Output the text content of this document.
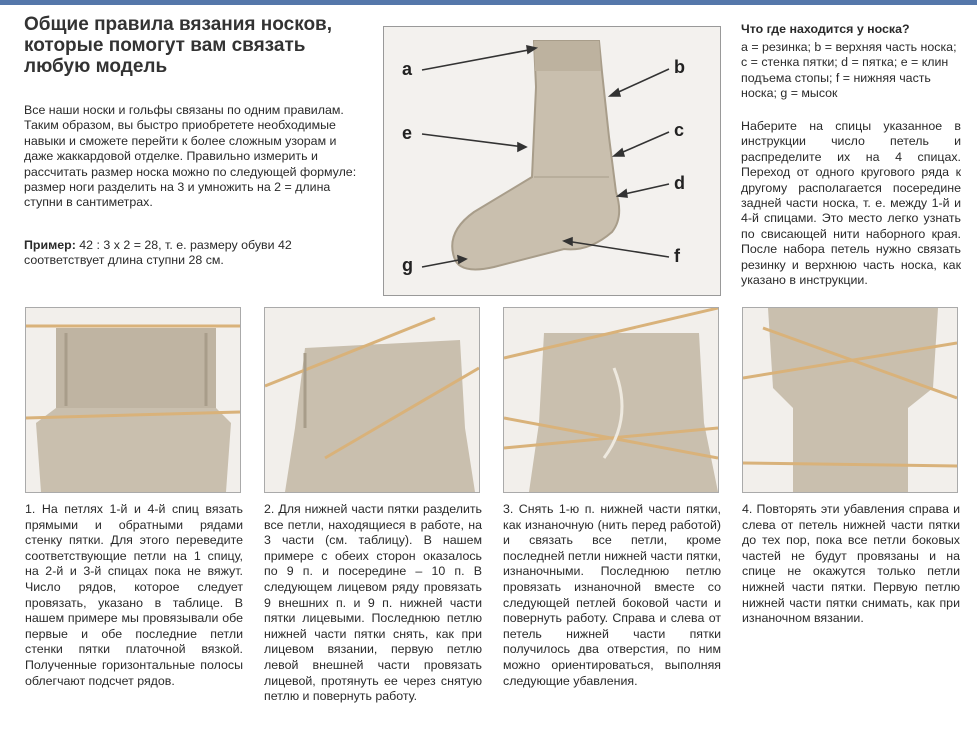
Общие правила вязания носков, которые помогут вам связать любую модель
Все наши носки и гольфы связаны по одним правилам. Таким образом, вы быстро приобретете необходимые навыки и сможете перейти к более сложным узорам и даже жаккардовой отделке. Правильно измерить и рассчитать размер носка можно по следующей формуле: размер ноги разделить на 3 и умножить на 2 = длина ступни в сантиметрах.
Пример: 42 : 3 х 2 = 28, т. е. размеру обуви 42 соответствует длина ступни 28 см.
a	b
e	c
d
g	f
Что где находится у носка?
a = резинка; b = верхняя часть носка; c = стенка пятки; d = пятка; e = клин подъема стопы; f = нижняя часть носка; g = мысок
Наберите на спицы указанное в инструкции число петель и распределите их на 4 спицах. Переход от одного кругового ряда к другому располагается посередине задней части носка, т. е. между 1-й и 4-й спицами. Это место легко узнать по свисающей нити наборного края. После набора петель нужно связать резинку и верхнюю часть носка, как указано в инструкции.
1. На петлях 1-й и 4-й спиц вязать прямыми и обратными рядами стенку пятки. Для этого переведите соответствующие петли на 1 спицу, на 2-й и 3-й спицах пока не вяжут. Число рядов, которое следует провязать, указано в таблице. В нашем примере мы провязывали обе первые и обе последние петли стенки пятки платочной вязкой. Полученные горизонтальные полосы облегчают подсчет рядов.
2. Для нижней части пятки разделить все петли, находящиеся в работе, на 3 части (см. таблицу). В нашем примере с обеих сторон оказалось по 9 п. и посередине – 10 п. В следующем лицевом ряду провязать 9 внешних п. и 9 п. нижней части пятки лицевыми. Последнюю петлю нижней части пятки снять, как при лицевом вязании, первую петлю левой внешней части провязать лицевой, протянуть ее через снятую петлю и повернуть работу.
3. Снять 1-ю п. нижней части пятки, как изнаночную (нить перед работой) и связать все петли, кроме последней петли нижней части пятки, изнаночными. Последнюю петлю провязать изнаночной вместе со следующей петлей боковой части и повернуть работу. Справа и слева от петель нижней части пятки получилось два отверстия, по ним можно ориентироваться, выполняя следующие убавления.
4. Повторять эти убавления справа и слева от петель нижней части пятки до тех пор, пока все петли боковых частей не будут провязаны и на спице не окажутся только петли нижней части пятки. Первую петлю нижней части пятки снимать, как при изнаночном вязании.
